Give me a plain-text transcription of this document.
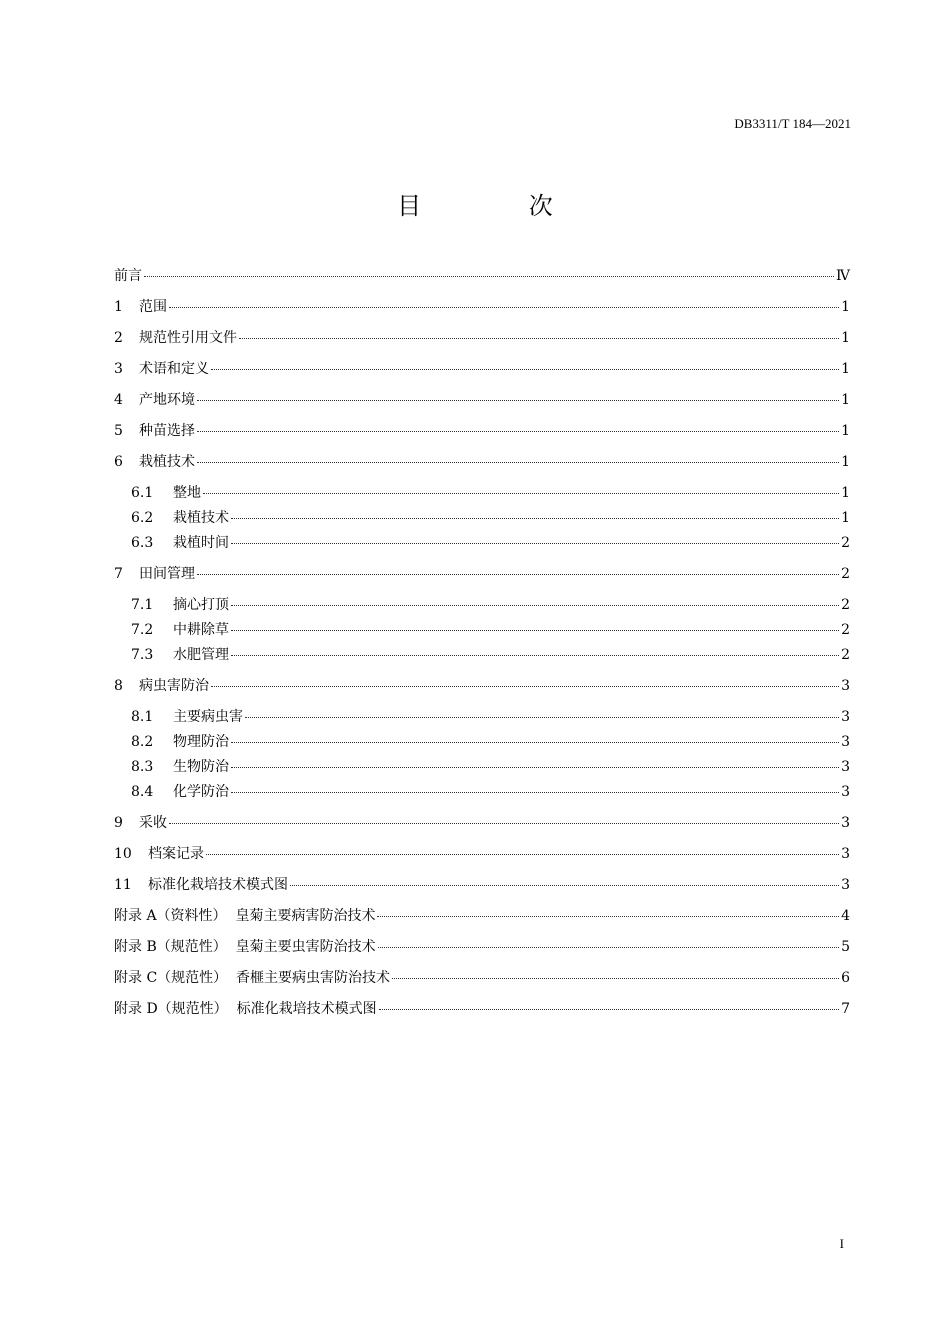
DB3311/T 184—2021
目 次
前言	Ⅳ
1	范围	1
2	规范性引用文件	1
3	术语和定义	1
4	产地环境	1
5	种苗选择	1
6	栽植技术	1
6.1	整地	1
6.2	栽植技术	1
6.3	栽植时间	2
7	田间管理	2
7.1	摘心打顶	2
7.2	中耕除草	2
7.3	水肥管理	2
8	病虫害防治	3
8.1	主要病虫害	3
8.2	物理防治	3
8.3	生物防治	3
8.4	化学防治	3
9	采收	3
10	档案记录	3
11	标准化栽培技术模式图	3
附录 A（资料性）  皇菊主要病害防治技术	4
附录 B（规范性）  皇菊主要虫害防治技术	5
附录 C（规范性）  香榧主要病虫害防治技术	6
附录 D（规范性）  标准化栽培技术模式图	7
I
